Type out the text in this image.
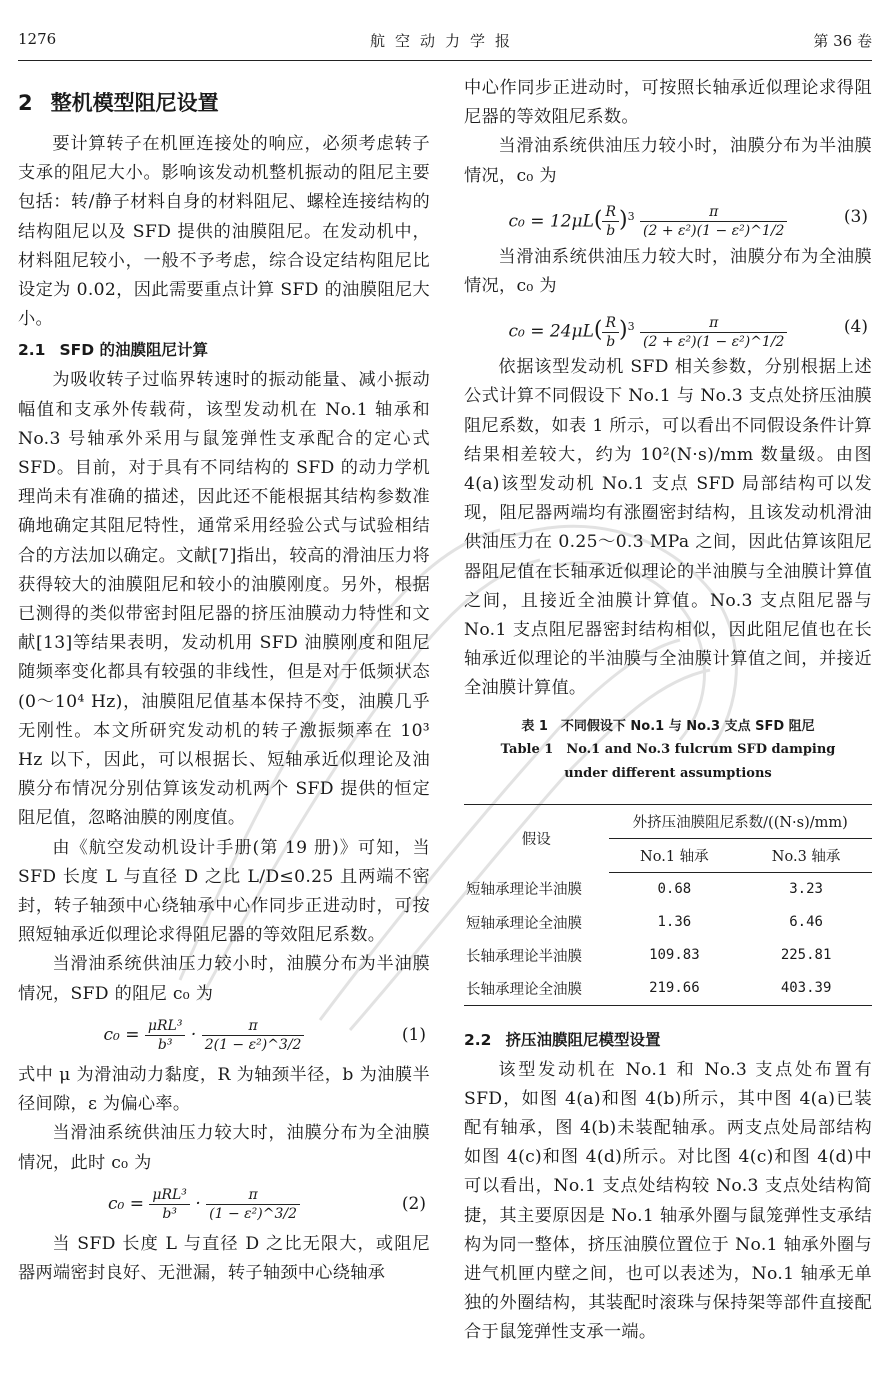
1276	航空动力学报	第 36 卷
2 整机模型阻尼设置

要计算转子在机匣连接处的响应，必须考虑转子支承的阻尼大小。影响该发动机整机振动的阻尼主要包括：转/静子材料自身的材料阻尼、螺栓连接结构的结构阻尼以及 SFD 提供的油膜阻尼。在发动机中，材料阻尼较小，一般不予考虑，综合设定结构阻尼比设定为 0.02，因此需要重点计算 SFD 的油膜阻尼大小。

2.1 SFD 的油膜阻尼计算

为吸收转子过临界转速时的振动能量、减小振动幅值和支承外传载荷，该型发动机在 No.1 轴承和 No.3 号轴承外采用与鼠笼弹性支承配合的定心式 SFD。目前，对于具有不同结构的 SFD 的动力学机理尚未有准确的描述，因此还不能根据其结构参数准确地确定其阻尼特性，通常采用经验公式与试验相结合的方法加以确定。文献[7]指出，较高的滑油压力将获得较大的油膜阻尼和较小的油膜刚度。另外，根据已测得的类似带密封阻尼器的挤压油膜动力特性和文献[13]等结果表明，发动机用 SFD 油膜刚度和阻尼随频率变化都具有较强的非线性，但是对于低频状态(0～10⁴ Hz)，油膜阻尼值基本保持不变，油膜几乎无刚性。本文所研究发动机的转子激振频率在 10³ Hz 以下，因此，可以根据长、短轴承近似理论及油膜分布情况分别估算该发动机两个 SFD 提供的恒定阻尼值，忽略油膜的刚度值。

由《航空发动机设计手册(第 19 册)》可知，当 SFD 长度 L 与直径 D 之比 L/D≤0.25 且两端不密封，转子轴颈中心绕轴承中心作同步正进动时，可按照短轴承近似理论求得阻尼器的等效阻尼系数。

当滑油系统供油压力较小时，油膜分布为半油膜情况，SFD 的阻尼 c₀ 为

$c_0 = \frac{\text{μRL³}}{\text{b³}} \cdot \frac{\pi}{\text{2(1 − ε²)\textasciicircum{}3/2}}$	(1)

式中 μ 为滑油动力黏度，R 为轴颈半径，b 为油膜半径间隙，ε 为偏心率。

当滑油系统供油压力较大时，油膜分布为全油膜情况，此时 c₀ 为

$c_0 = \frac{\text{μRL³}}{\text{b³}} \cdot \frac{\pi}{\text{(1 − ε²)\textasciicircum{}3/2}}$	(2)

当 SFD 长度 L 与直径 D 之比无限大，或阻尼器两端密封良好、无泄漏，转子轴颈中心绕轴承

中心作同步正进动时，可按照长轴承近似理论求得阻尼器的等效阻尼系数。

当滑油系统供油压力较小时，油膜分布为半油膜情况，c₀ 为

$c_0 = 12\mu L( \frac{R}{b} )^3 \frac{\pi}{\text{(2 + ε²)(1 − ε²)\textasciicircum{}1/2}}$	(3)

当滑油系统供油压力较大时，油膜分布为全油膜情况，c₀ 为

$c_0 = 24\mu L( \frac{R}{b} )^3 \frac{\pi}{\text{(2 + ε²)(1 − ε²)\textasciicircum{}1/2}}$	(4)

依据该型发动机 SFD 相关参数，分别根据上述公式计算不同假设下 No.1 与 No.3 支点处挤压油膜阻尼系数，如表 1 所示，可以看出不同假设条件计算结果相差较大，约为 10²(N·s)/mm 数量级。由图 4(a)该型发动机 No.1 支点 SFD 局部结构可以发现，阻尼器两端均有涨圈密封结构，且该发动机滑油供油压力在 0.25～0.3 MPa 之间，因此估算该阻尼器阻尼值在长轴承近似理论的半油膜与全油膜计算值之间，且接近全油膜计算值。No.3 支点阻尼器与 No.1 支点阻尼器密封结构相似，因此阻尼值也在长轴承近似理论的半油膜与全油膜计算值之间，并接近全油膜计算值。

表 1　不同假设下 No.1 与 No.3 支点 SFD 阻尼
Table 1　No.1 and No.3 fulcrum SFD damping under different assumptions
假设	外挤压油膜阻尼系数/((N·s)/mm)	
	No.1 轴承	No.3 轴承
短轴承理论半油膜	0.68	3.23
短轴承理论全油膜	1.36	6.46
长轴承理论半油膜	109.83	225.81
长轴承理论全油膜	219.66	403.39
2.2 挤压油膜阻尼模型设置

该型发动机在 No.1 和 No.3 支点处布置有 SFD，如图 4(a)和图 4(b)所示，其中图 4(a)已装配有轴承，图 4(b)未装配轴承。两支点处局部结构如图 4(c)和图 4(d)所示。对比图 4(c)和图 4(d)中可以看出，No.1 支点处结构较 No.3 支点处结构简捷，其主要原因是 No.1 轴承外圈与鼠笼弹性支承结构为同一整体，挤压油膜位置位于 No.1 轴承外圈与进气机匣内壁之间，也可以表述为，No.1 轴承无单独的外圈结构，其装配时滚珠与保持架等部件直接配合于鼠笼弹性支承一端。
